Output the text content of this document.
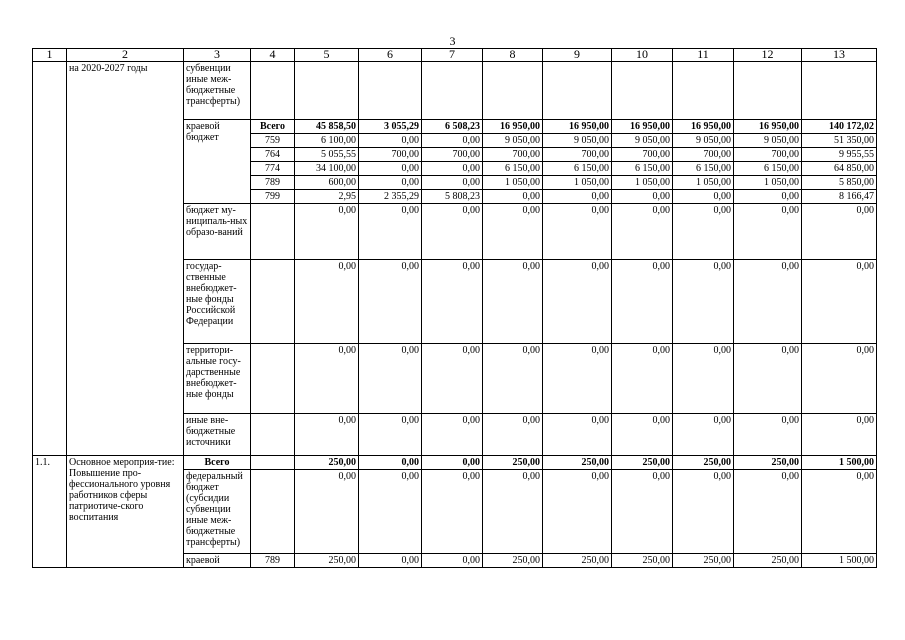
3
1	2	3	4	5	6	7	8	9	10	11	12	13
	на 2020-2027 годы	субвенции иные меж-бюджетные трансферты)										
		краевой бюджет	Всего	45 858,50	3 055,29	6 508,23	16 950,00	16 950,00	16 950,00	16 950,00	16 950,00	140 172,02
			759	6 100,00	0,00	0,00	9 050,00	9 050,00	9 050,00	9 050,00	9 050,00	51 350,00
			764	5 055,55	700,00	700,00	700,00	700,00	700,00	700,00	700,00	9 955,55
			774	34 100,00	0,00	0,00	6 150,00	6 150,00	6 150,00	6 150,00	6 150,00	64 850,00
			789	600,00	0,00	0,00	1 050,00	1 050,00	1 050,00	1 050,00	1 050,00	5 850,00
			799	2,95	2 355,29	5 808,23	0,00	0,00	0,00	0,00	0,00	8 166,47
		бюджет му-ниципаль-ных образо-ваний		0,00	0,00	0,00	0,00	0,00	0,00	0,00	0,00	0,00
		государ-ственные внебюджет-ные фонды Российской Федерации		0,00	0,00	0,00	0,00	0,00	0,00	0,00	0,00	0,00
		территори-альные госу-дарственные внебюджет-ные фонды		0,00	0,00	0,00	0,00	0,00	0,00	0,00	0,00	0,00
		иные вне-бюджетные источники		0,00	0,00	0,00	0,00	0,00	0,00	0,00	0,00	0,00
1.1.	Основное мероприя-тие: Повышение про-фессионального уровня работников сферы патриотиче-ского воспитания	Всего		250,00	0,00	0,00	250,00	250,00	250,00	250,00	250,00	1 500,00
		федеральный бюджет (субсидии субвенции иные меж-бюджетные трансферты)		0,00	0,00	0,00	0,00	0,00	0,00	0,00	0,00	0,00
		краевой	789	250,00	0,00	0,00	250,00	250,00	250,00	250,00	250,00	1 500,00
